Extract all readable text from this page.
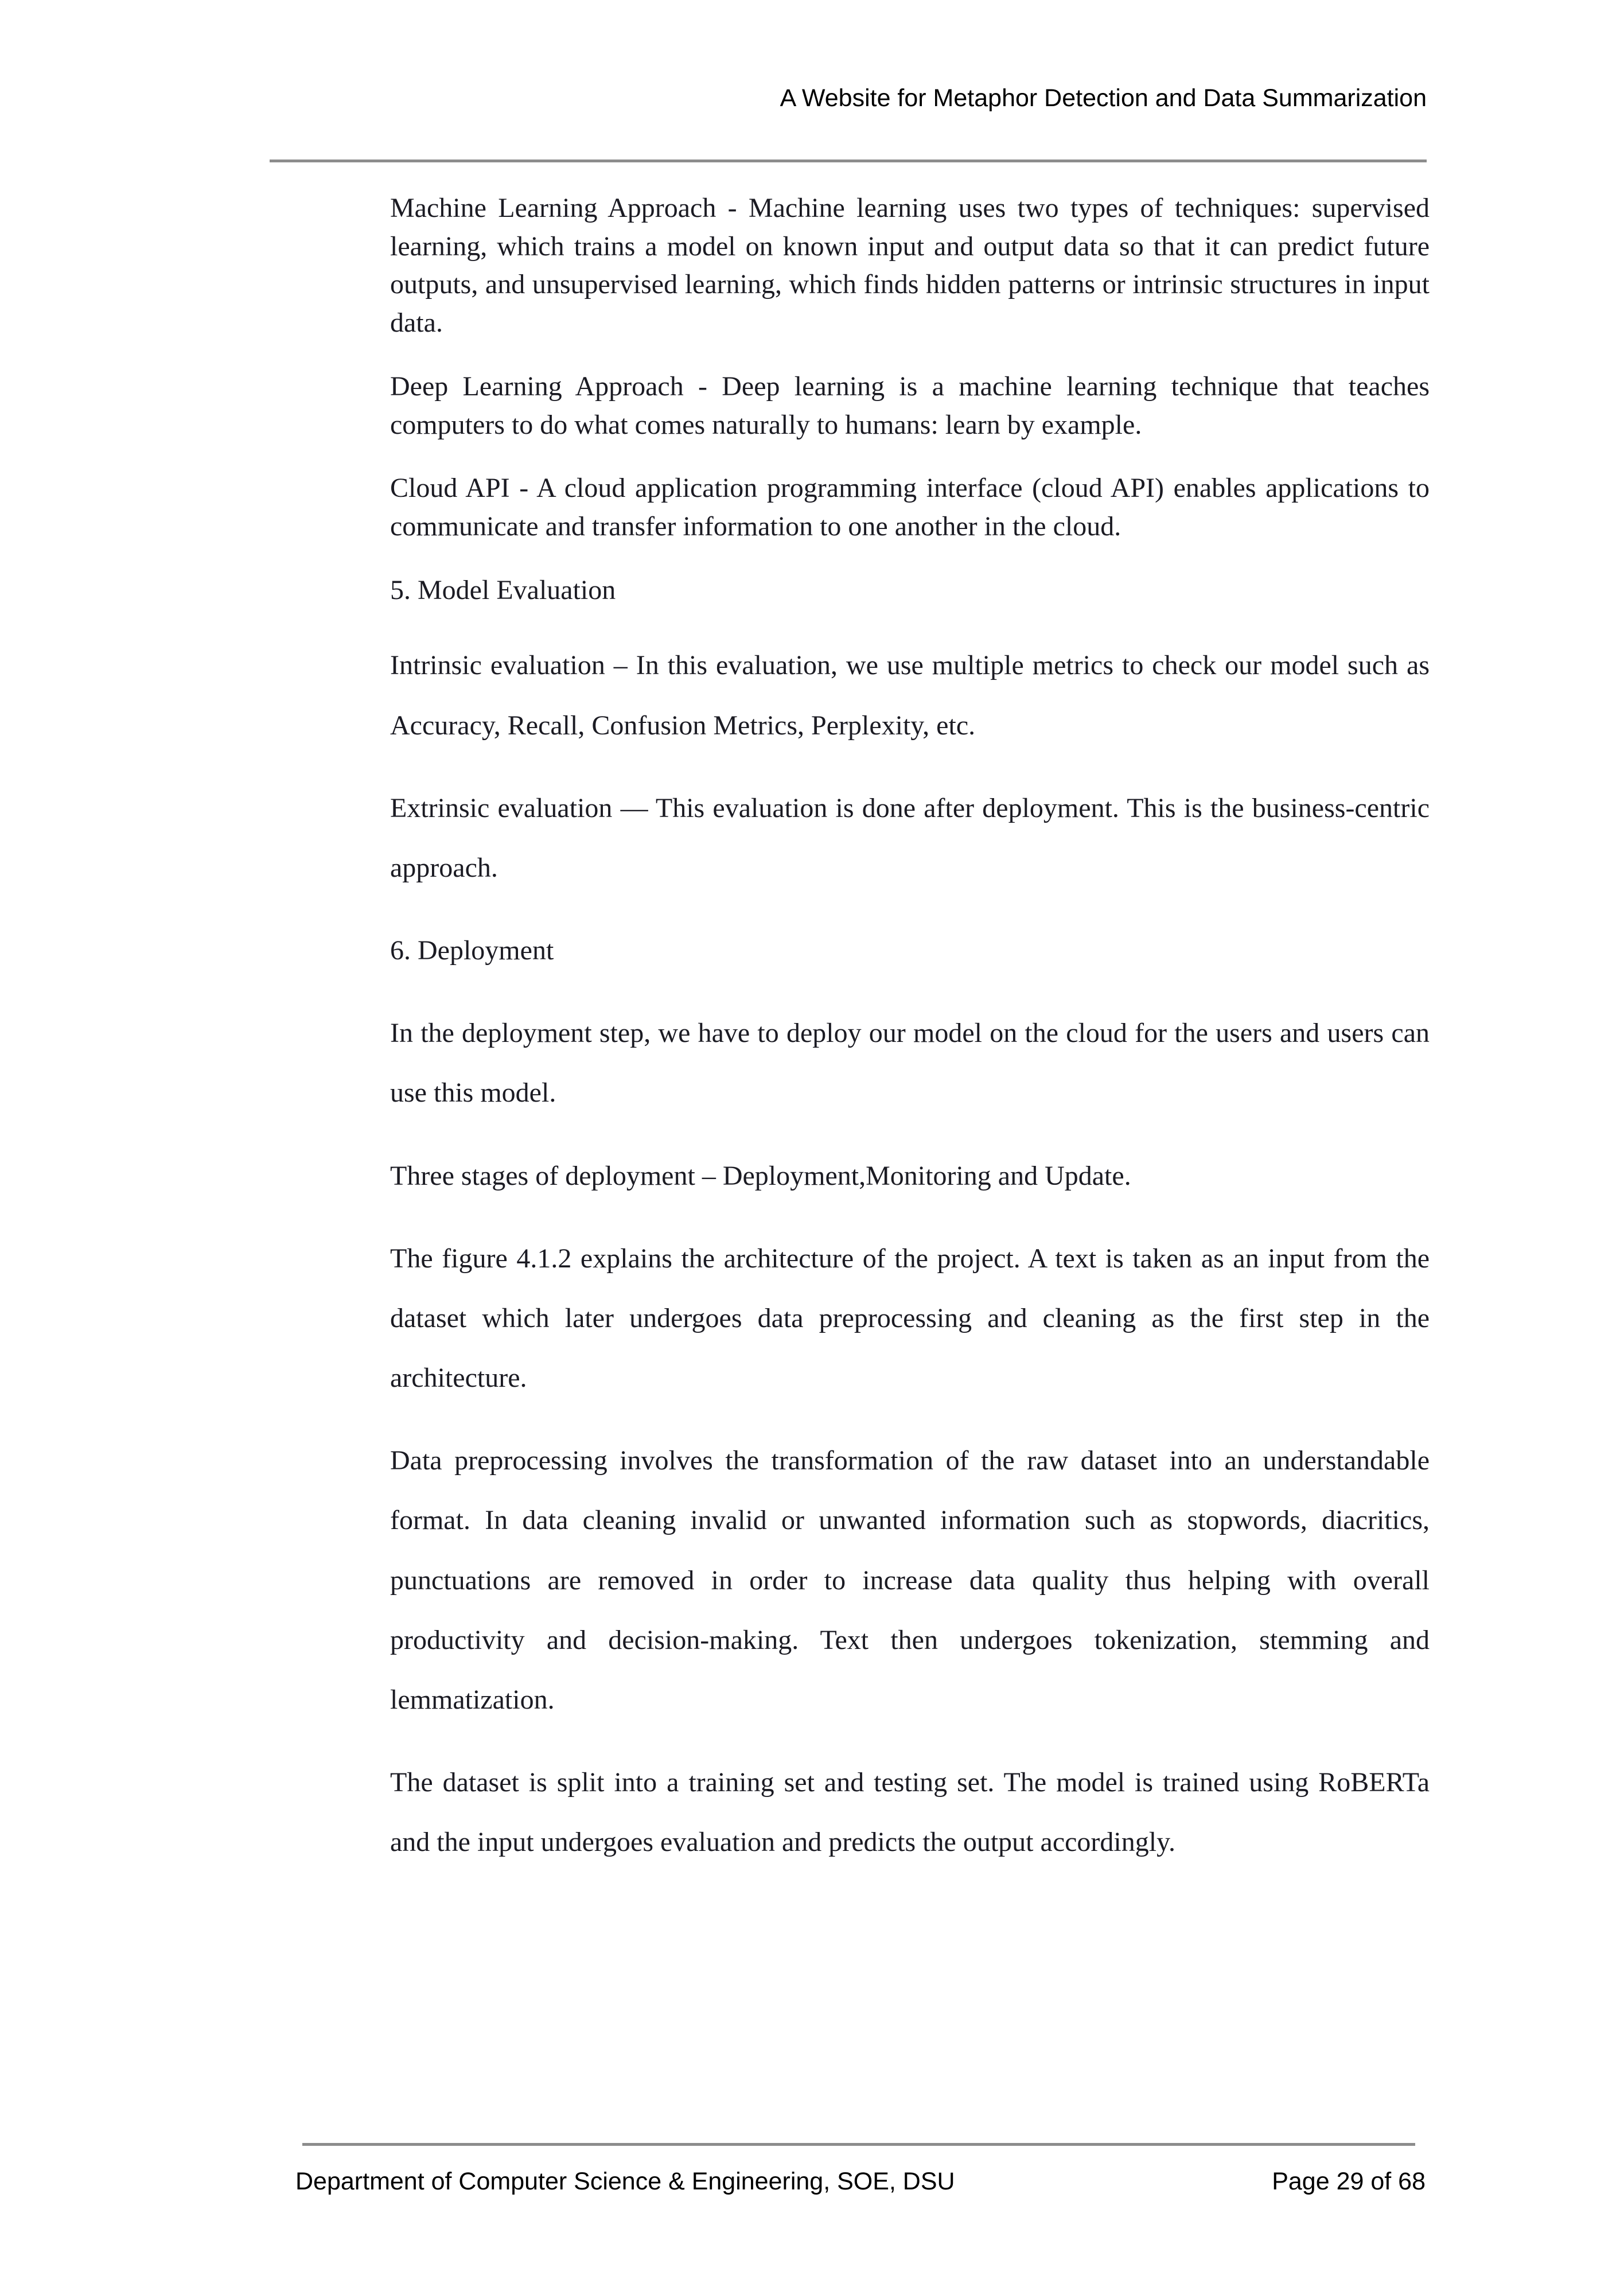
A Website for Metaphor Detection and Data Summarization

Machine Learning Approach - Machine learning uses two types of techniques: supervised learning, which trains a model on known input and output data so that it can predict future outputs, and unsupervised learning, which finds hidden patterns or intrinsic structures in input data.

Deep Learning Approach - Deep learning is a machine learning technique that teaches computers to do what comes naturally to humans: learn by example.

Cloud API - A cloud application programming interface (cloud API) enables applications to communicate and transfer information to one another in the cloud.

5. Model Evaluation

Intrinsic evaluation – In this evaluation, we use multiple metrics to check our model such as Accuracy, Recall, Confusion Metrics, Perplexity, etc.

Extrinsic evaluation — This evaluation is done after deployment. This is the business-centric approach.

6. Deployment

In the deployment step, we have to deploy our model on the cloud for the users and users can use this model.

Three stages of deployment – Deployment,Monitoring and Update.

The figure 4.1.2 explains the architecture of the project. A text is taken as an input from the dataset which later undergoes data preprocessing and cleaning as the first step in the architecture.

Data preprocessing involves the transformation of the raw dataset into an understandable format. In data cleaning invalid or unwanted information such as stopwords, diacritics, punctuations are removed in order to increase data quality thus helping with overall productivity and decision-making. Text then undergoes tokenization, stemming and lemmatization.

The dataset is split into a training set and testing set. The model is trained using RoBERTa and the input undergoes evaluation and predicts the output accordingly.

Department of Computer Science & Engineering, SOE, DSU	Page 29 of 68
